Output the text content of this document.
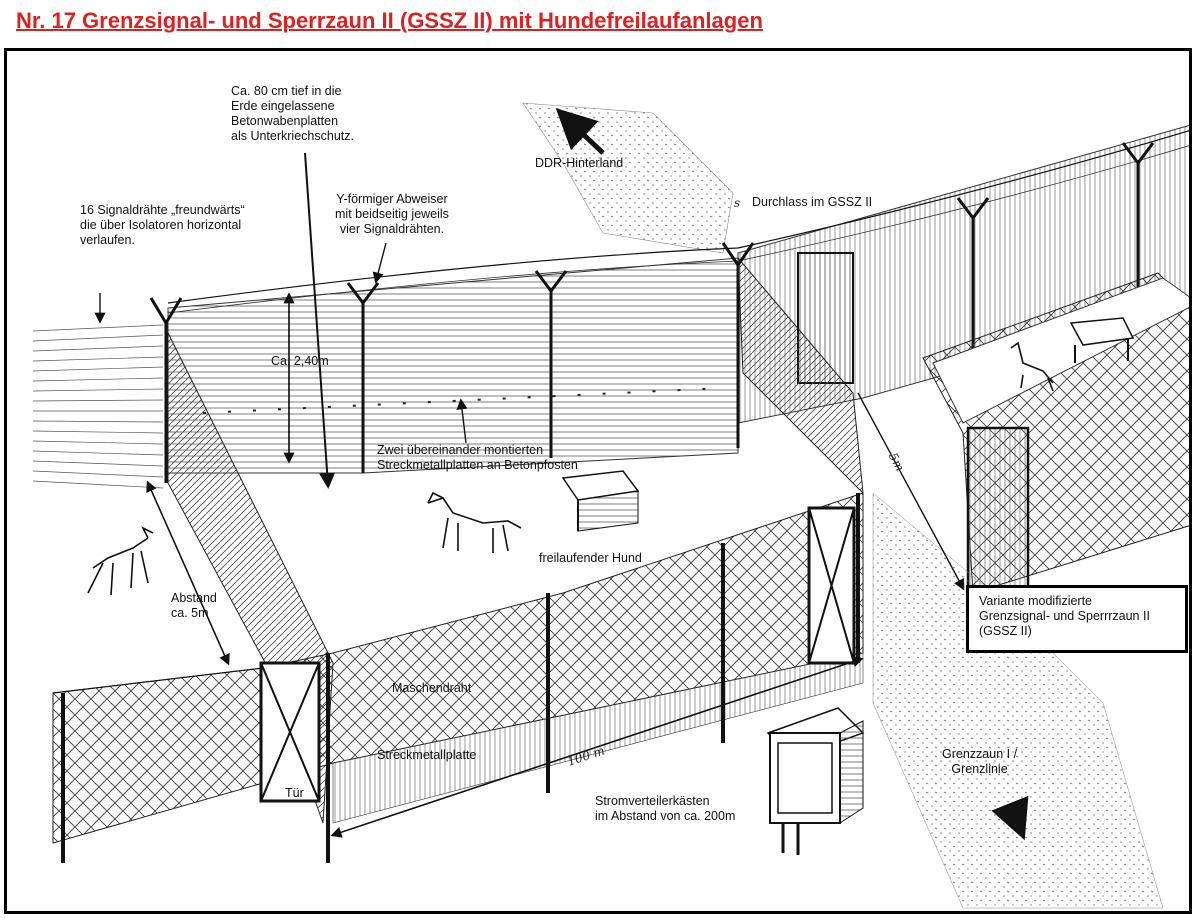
Nr. 17 Grenzsignal- und Sperrzaun II (GSSZ II) mit Hundefreilaufanlagen
Ca. 80 cm tief in die
Erde eingelassene
Betonwabenplatten
als Unterkriechschutz.
DDR-Hinterland
16 Signaldrähte „freundwärts“
die über Isolatoren horizontal
verlaufen.
Y-förmiger Abweiser
mit beidseitig jeweils
vier Signaldrähten.
Durchlass im GSSZ II
Ca. 2,40m
Zwei übereinander montierten
Streckmetallplatten an Betonpfosten
freilaufender Hund
Abstand
ca. 5m
Maschendraht
Streckmetallplatte
Tür
Stromverteilerkästen
im Abstand von ca. 200m
Grenzzaun I /
Grenzlinie
100 m
5m
s
Variante modifizierte
Grenzsignal- und Sperrrzaun II
(GSSZ II)
